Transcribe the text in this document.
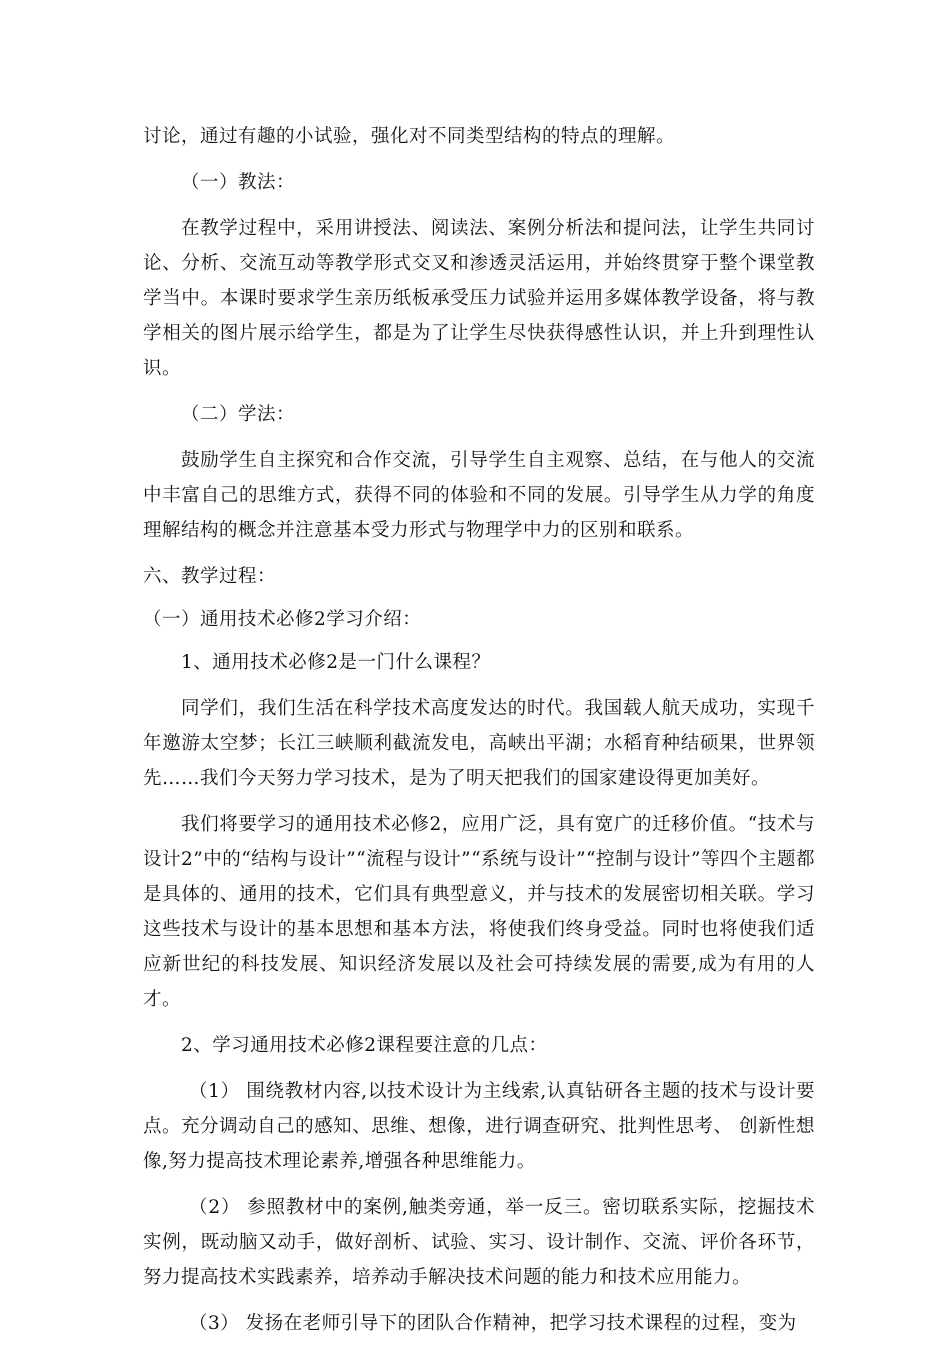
讨论，通过有趣的小试验，强化对不同类型结构的特点的理解。

（一）教法：

在教学过程中，采用讲授法、阅读法、案例分析法和提问法，让学生共同讨论、分析、交流互动等教学形式交叉和渗透灵活运用，并始终贯穿于整个课堂教学当中。本课时要求学生亲历纸板承受压力试验并运用多媒体教学设备，将与教学相关的图片展示给学生，都是为了让学生尽快获得感性认识，并上升到理性认识。

（二）学法：

鼓励学生自主探究和合作交流，引导学生自主观察、总结，在与他人的交流中丰富自己的思维方式，获得不同的体验和不同的发展。引导学生从力学的角度理解结构的概念并注意基本受力形式与物理学中力的区别和联系。

六、教学过程：

（一）通用技术必修2学习介绍：

1、通用技术必修2是一门什么课程？

同学们，我们生活在科学技术高度发达的时代。我国载人航天成功，实现千年邀游太空梦；长江三峡顺利截流发电，高峡出平湖；水稻育种结硕果，世界领先……我们今天努力学习技术，是为了明天把我们的国家建设得更加美好。

我们将要学习的通用技术必修2，应用广泛，具有宽广的迁移价值。“技术与设计2”中的“结构与设计”“流程与设计”“系统与设计”“控制与设计”等四个主题都是具体的、通用的技术，它们具有典型意义，并与技术的发展密切相关联。学习这些技术与设计的基本思想和基本方法，将使我们终身受益。同时也将使我们适应新世纪的科技发展、知识经济发展以及社会可持续发展的需要,成为有用的人才。

2、学习通用技术必修2课程要注意的几点：

（1） 围绕教材内容,以技术设计为主线索,认真钻研各主题的技术与设计要点。充分调动自己的感知、思维、想像，进行调查研究、批判性思考、 创新性想像,努力提高技术理论素养,增强各种思维能力。

（2） 参照教材中的案例,触类旁通，举一反三。密切联系实际，挖掘技术实例，既动脑又动手，做好剖析、试验、实习、设计制作、交流、评价各环节，努力提高技术实践素养，培养动手解决技术问题的能力和技术应用能力。

（3） 发扬在老师引导下的团队合作精神，把学习技术课程的过程，变为
